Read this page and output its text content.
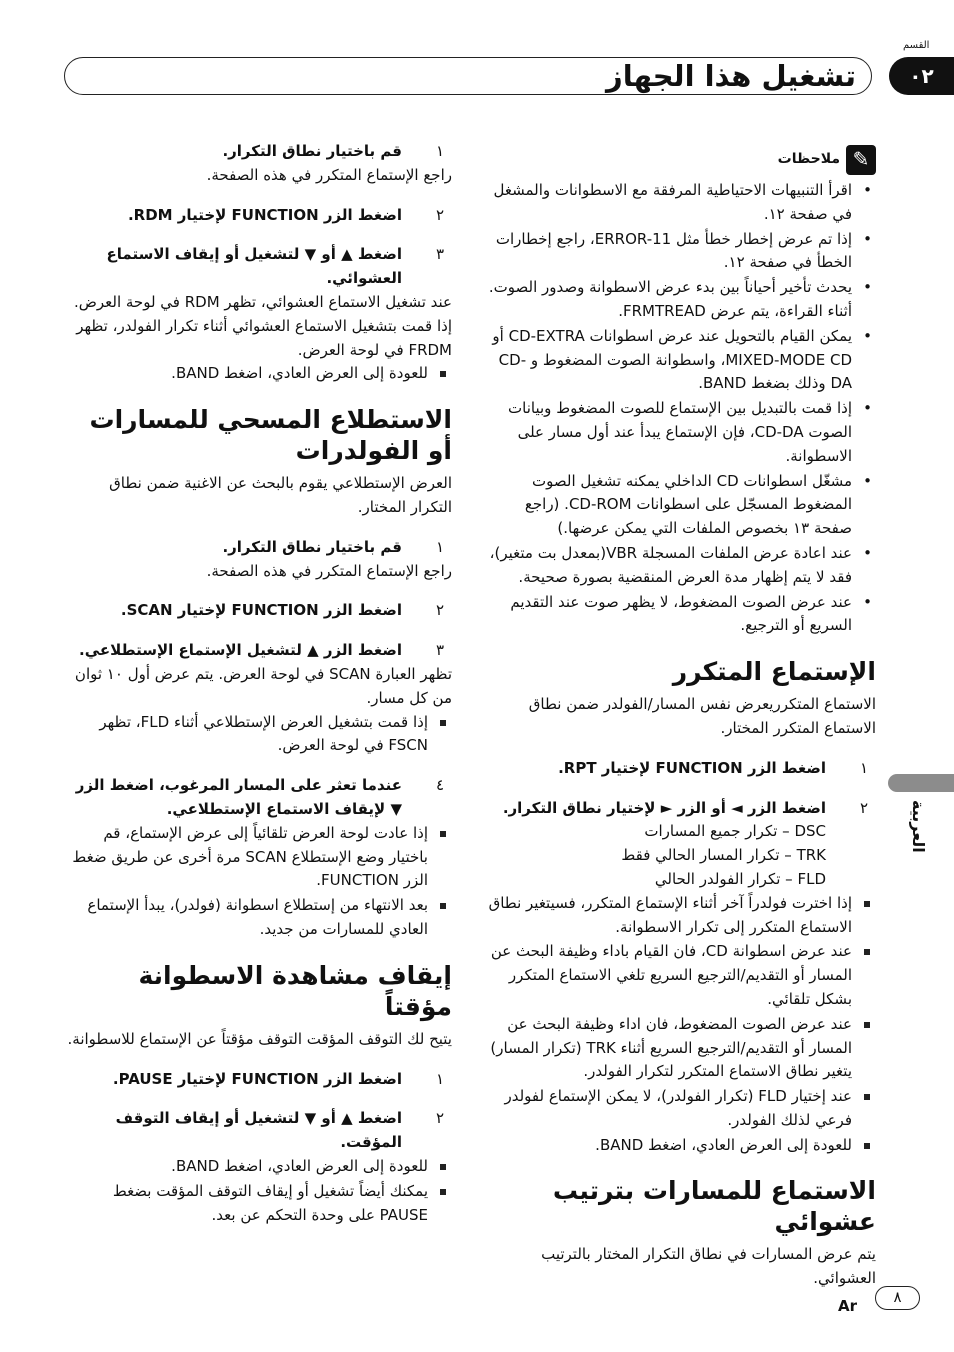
القسم
تشغيل هذا الجهاز	٠٢
العربية
✎
ملاحظات
• اقرأ التنبيهات الاحتياطية المرفقة مع الاسطوانات والمشغل في صفحة ١٢.
• إذا تم عرض إخطار خطأ مثل ERROR-11، راجع إخطارات الخطأ في صفحة ١٢.
• يحدث تأخير أحياناً بين بدء عرض الاسطوانة وصدور الصوت. أثناء القراءة، يتم عرض FRMTREAD.
• يمكن القيام بالتحويل عند عرض اسطوانات CD-EXTRA أو MIXED-MODE CD، واسطوانة الصوت المضغوط و CD-DA وذلك بضغط BAND.
• إذا قمت بالتبديل بين الإستماع للصوت المضغوط وبيانات الصوت CD-DA، فإن الإستماع يبدأ عند أول مسار على الاسطوانة.
• مشغّل اسطوانات CD الداخلي يمكنه تشغيل الصوت المضغوط المسجّل على اسطوانات CD-ROM. (راجع صفحة ١٣ بخصوص الملفات التي يمكن عرضها.)
• عند اعادة عرض الملفات المسجلة VBR(بمعدل بت متغير)، فقد لا يتم إظهار مدة العرض المنقضية بصورة صحيحة.
• عند عرض الصوت المضغوط، لا يظهر صوت عند التقديم السريع أو الترجيع.
الإستماع المتكرر

الاستماع المتكرريعرض نفس المسار/الفولدر ضمن نطاق الاستماع المتكرر المختار.

١
اضغط الزر FUNCTION لإختيار RPT.
٢
اضغط الزر ◄ أو الزر ► لإختيار نطاق التكرار.
DSC – تكرار جميع المسارات
TRK – تكرار المسار الحالي فقط
FLD – تكرار الفولدر الحالي
إذا اخترت فولدراً آخر أثناء الإستماع المتكرر، فسيتغير نطاق الاستماع المتكرر إلى تكرار الاسطوانة.
عند عرض اسطوانة CD، فان القيام باداء وظيفة البحث عن المسار أو التقديم/الترجيع السريع تلغي الاستماع المتكرر بشكل تلقائي.
عند عرض الصوت المضغوط، فان اداء وظيفة البحث عن المسار أو التقديم/الترجيع السريع أثناء TRK (تكرار المسار) يتغير نطاق الاستماع المتكرر لتكرار الفولدر.
عند إختيار FLD (تكرار الفولدر)، لا يمكن الإستماع لفولدر فرعي لذلك الفولدر.
للعودة إلى العرض العادي، اضغط BAND.
الاستماع للمسارات بترتيب عشوائي

يتم عرض المسارات في نطاق التكرار المختار بالترتيب العشوائي.

١
قم باختيار نطاق التكرار.

راجع الإستماع المتكرر في هذه الصفحة.

٢
اضغط الزر FUNCTION لإختيار RDM.
٣
اضغط ▲ أو ▼ لتشغيل أو إيقاف الاستماع العشوائي.

عند تشغيل الاستماع العشوائي، تظهر RDM في لوحة العرض. إذا قمت بتشغيل الاستماع العشوائي أثناء تكرار الفولدر، تظهر FRDM في لوحة العرض.

للعودة إلى العرض العادي، اضغط BAND.
الاستطلاع المسحي للمسارات أو الفولدرات

العرض الإستطلاعي يقوم بالبحث عن الاغنية ضمن نطاق التكرار المختار.

١
قم باختيار نطاق التكرار.

راجع الإستماع المتكرر في هذه الصفحة.

٢
اضغط الزر FUNCTION لإختيار SCAN.
٣
اضغط الزر ▲ لتشغيل الإستماع الإستطلاعي.

تظهر العبارة SCAN في لوحة العرض. يتم عرض أول ١٠ ثوان من كل مسار.

إذا قمت بتشغيل العرض الإستطلاعي أثناء FLD، تظهر FSCN في لوحة العرض.
٤
عندما تعثر على المسار المرغوب، اضغط الزر ▼ لإيقاف الاستماع الإستطلاعي.
إذا عادت لوحة العرض تلقائياً إلى عرض الإستماع، قم باختيار وضع الإستطلاع SCAN مرة أخرى عن طريق ضغط الزر FUNCTION.
بعد الانتهاء من إستطلاع اسطوانة (فولدر)، يبدأ الإستماع العادي للمسارات من جديد.
إيقاف مشاهدة الاسطوانة مؤقتاً

يتيح لك التوقف المؤقت التوقف مؤقتاً عن الإستماع للاسطوانة.

١
اضغط الزر FUNCTION لإختيار PAUSE.
٢
اضغط ▲ أو ▼ لتشغيل أو إيقاف التوقف المؤقت.
للعودة إلى العرض العادي، اضغط BAND.
يمكنك أيضاً تشغيل أو إيقاف التوقف المؤقت بضغط PAUSE على وحدة التحكم عن بعد.
٨
Ar
